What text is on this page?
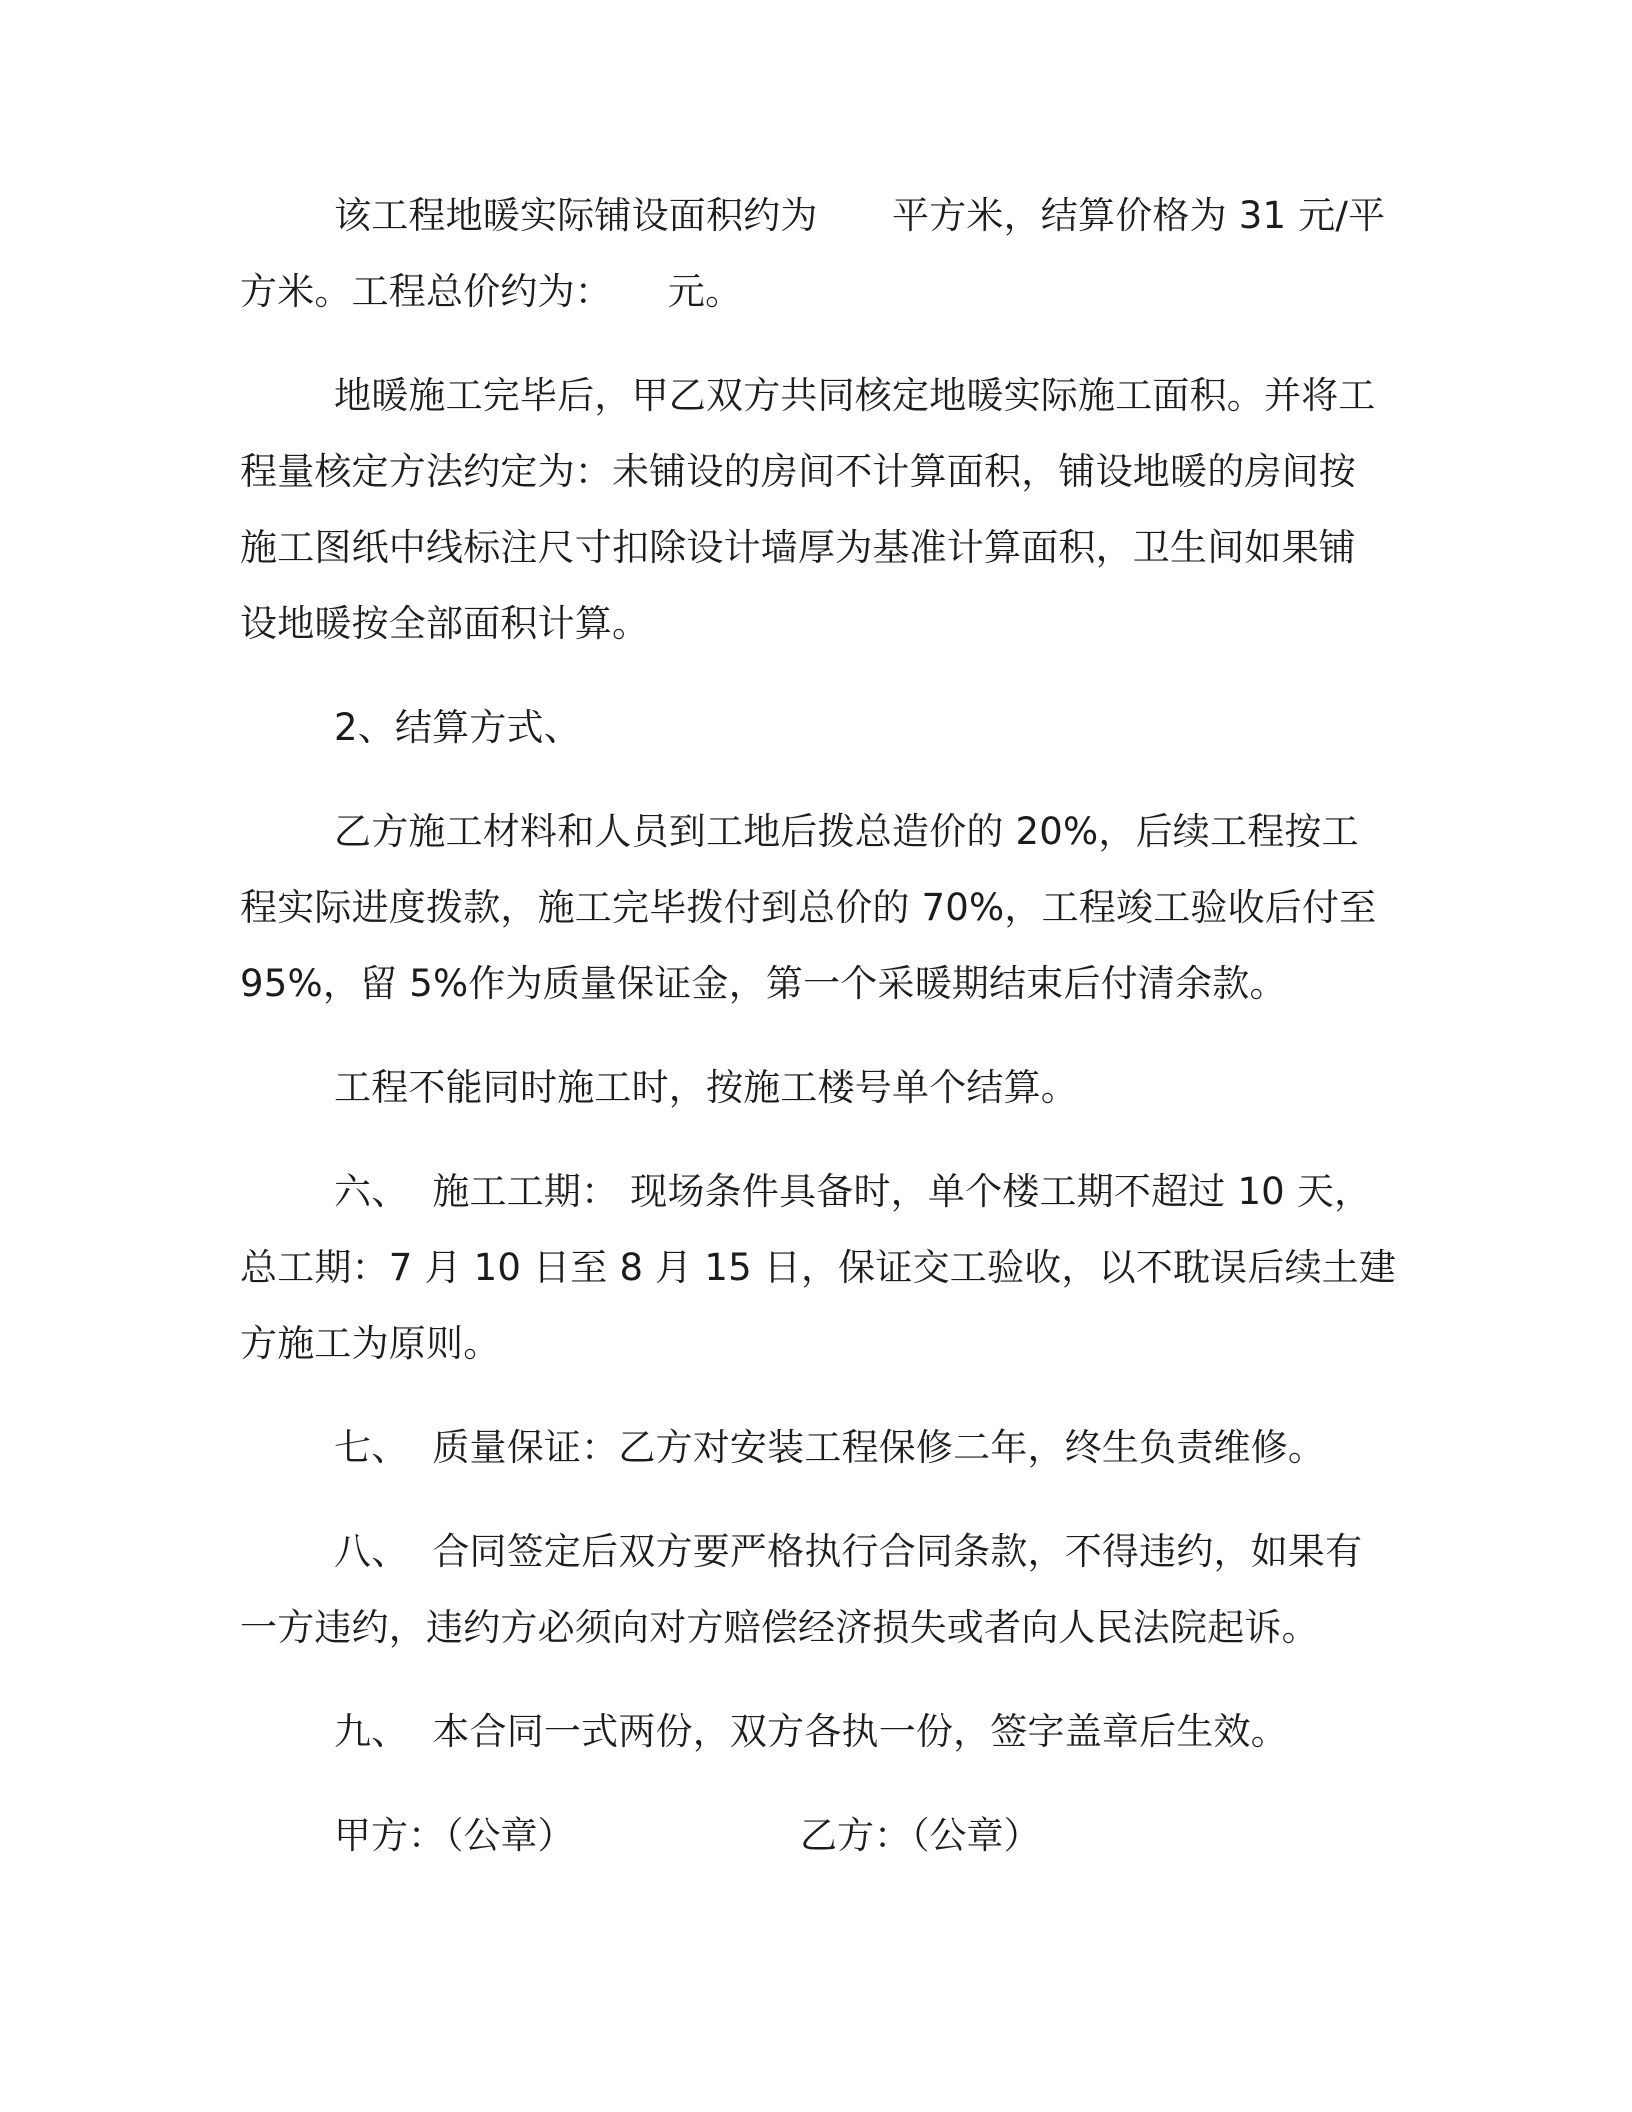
该工程地暖实际铺设面积约为　　平方米，结算价格为 31 元/平
方米。工程总价约为：　　元。
地暖施工完毕后，甲乙双方共同核定地暖实际施工面积。并将工
程量核定方法约定为：未铺设的房间不计算面积，铺设地暖的房间按
施工图纸中线标注尺寸扣除设计墙厚为基准计算面积，卫生间如果铺
设地暖按全部面积计算。
2、结算方式、
乙方施工材料和人员到工地后拨总造价的 20%，后续工程按工
程实际进度拨款，施工完毕拨付到总价的 70%，工程竣工验收后付至
95%，留 5%作为质量保证金，第一个采暖期结束后付清余款。
工程不能同时施工时，按施工楼号单个结算。
六、  施工工期： 现场条件具备时，单个楼工期不超过 10 天，
总工期：7 月 10 日至 8 月 15 日，保证交工验收，以不耽误后续土建
方施工为原则。
七、  质量保证：乙方对安装工程保修二年，终生负责维修。
八、  合同签定后双方要严格执行合同条款，不得违约，如果有
一方违约，违约方必须向对方赔偿经济损失或者向人民法院起诉。
九、  本合同一式两份，双方各执一份，签字盖章后生效。
甲方：（公章）	乙方：（公章）
